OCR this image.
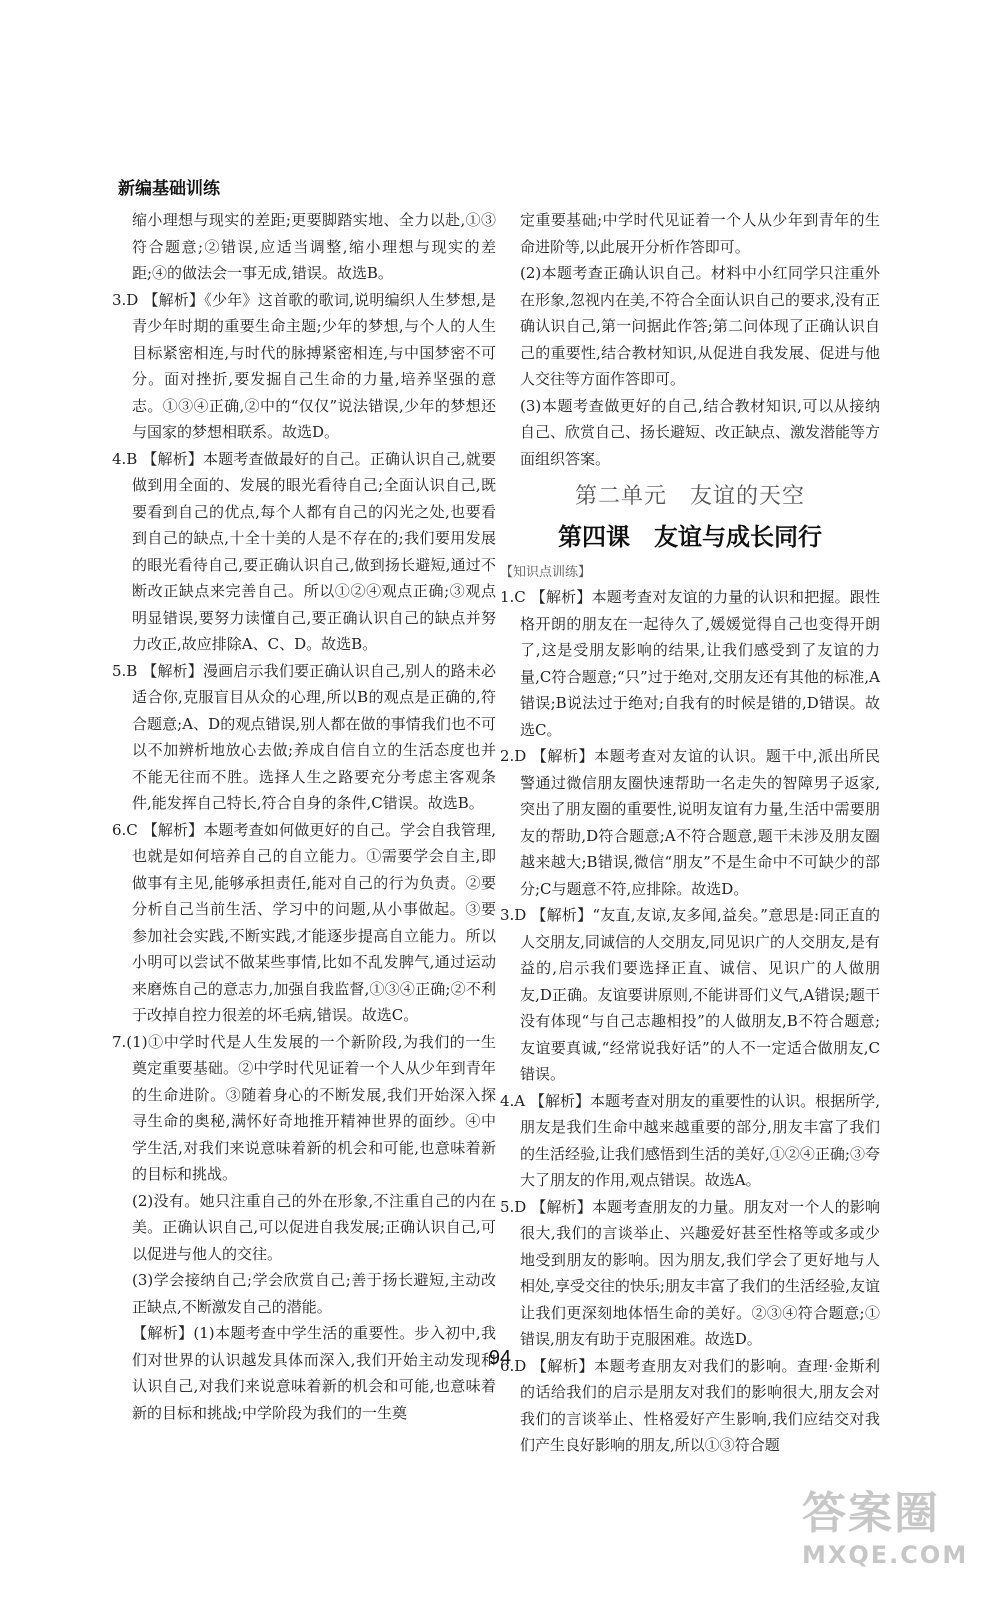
新编基础训练

缩小理想与现实的差距;更要脚踏实地、全力以赴,①③符合题意;②错误,应适当调整,缩小理想与现实的差距;④的做法会一事无成,错误。故选B。

3.D 【解析】《少年》这首歌的歌词,说明编织人生梦想,是青少年时期的重要生命主题;少年的梦想,与个人的人生目标紧密相连,与时代的脉搏紧密相连,与中国梦密不可分。面对挫折,要发掘自己生命的力量,培养坚强的意志。①③④正确,②中的“仅仅”说法错误,少年的梦想还与国家的梦想相联系。故选D。

4.B 【解析】本题考查做最好的自己。正确认识自己,就要做到用全面的、发展的眼光看待自己;全面认识自己,既要看到自己的优点,每个人都有自己的闪光之处,也要看到自己的缺点,十全十美的人是不存在的;我们要用发展的眼光看待自己,要正确认识自己,做到扬长避短,通过不断改正缺点来完善自己。所以①②④观点正确;③观点明显错误,要努力读懂自己,要正确认识自己的缺点并努力改正,故应排除A、C、D。故选B。

5.B 【解析】漫画启示我们要正确认识自己,别人的路未必适合你,克服盲目从众的心理,所以B的观点是正确的,符合题意;A、D的观点错误,别人都在做的事情我们也不可以不加辨析地放心去做;养成自信自立的生活态度也并不能无往而不胜。选择人生之路要充分考虑主客观条件,能发挥自己特长,符合自身的条件,C错误。故选B。

6.C 【解析】本题考查如何做更好的自己。学会自我管理,也就是如何培养自己的自立能力。①需要学会自主,即做事有主见,能够承担责任,能对自己的行为负责。②要分析自己当前生活、学习中的问题,从小事做起。③要参加社会实践,不断实践,才能逐步提高自立能力。所以小明可以尝试不做某些事情,比如不乱发脾气,通过运动来磨炼自己的意志力,加强自我监督,①③④正确;②不利于改掉自控力很差的坏毛病,错误。故选C。

7.(1)①中学时代是人生发展的一个新阶段,为我们的一生奠定重要基础。②中学时代见证着一个人从少年到青年的生命进阶。③随着身心的不断发展,我们开始深入探寻生命的奥秘,满怀好奇地推开精神世界的面纱。④中学生活,对我们来说意味着新的机会和可能,也意味着新的目标和挑战。

(2)没有。她只注重自己的外在形象,不注重自己的内在美。正确认识自己,可以促进自我发展;正确认识自己,可以促进与他人的交往。

(3)学会接纳自己;学会欣赏自己;善于扬长避短,主动改正缺点,不断激发自己的潜能。

【解析】(1)本题考查中学生活的重要性。步入初中,我们对世界的认识越发具体而深入,我们开始主动发现和认识自己,对我们来说意味着新的机会和可能,也意味着新的目标和挑战;中学阶段为我们的一生奠

定重要基础;中学时代见证着一个人从少年到青年的生命进阶等,以此展开分析作答即可。

(2)本题考查正确认识自己。材料中小红同学只注重外在形象,忽视内在美,不符合全面认识自己的要求,没有正确认识自己,第一问据此作答;第二问体现了正确认识自己的重要性,结合教材知识,从促进自我发展、促进与他人交往等方面作答即可。

(3)本题考查做更好的自己,结合教材知识,可以从接纳自己、欣赏自己、扬长避短、改正缺点、激发潜能等方面组织答案。

第二单元　友谊的天空
第四课　友谊与成长同行
【知识点训练】

1.C 【解析】本题考查对友谊的力量的认识和把握。跟性格开朗的朋友在一起待久了,媛媛觉得自己也变得开朗了,这是受朋友影响的结果,让我们感受到了友谊的力量,C符合题意;“只”过于绝对,交朋友还有其他的标准,A错误;B说法过于绝对;自我有的时候是错的,D错误。故选C。

2.D 【解析】本题考查对友谊的认识。题干中,派出所民警通过微信朋友圈快速帮助一名走失的智障男子返家,突出了朋友圈的重要性,说明友谊有力量,生活中需要朋友的帮助,D符合题意;A不符合题意,题干未涉及朋友圈越来越大;B错误,微信“朋友”不是生命中不可缺少的部分;C与题意不符,应排除。故选D。

3.D 【解析】“友直,友谅,友多闻,益矣。”意思是:同正直的人交朋友,同诚信的人交朋友,同见识广的人交朋友,是有益的,启示我们要选择正直、诚信、见识广的人做朋友,D正确。友谊要讲原则,不能讲哥们义气,A错误;题干没有体现“与自己志趣相投”的人做朋友,B不符合题意;友谊要真诚,“经常说我好话”的人不一定适合做朋友,C错误。

4.A 【解析】本题考查对朋友的重要性的认识。根据所学,朋友是我们生命中越来越重要的部分,朋友丰富了我们的生活经验,让我们感悟到生活的美好,①②④正确;③夸大了朋友的作用,观点错误。故选A。

5.D 【解析】本题考查朋友的力量。朋友对一个人的影响很大,我们的言谈举止、兴趣爱好甚至性格等或多或少地受到朋友的影响。因为朋友,我们学会了更好地与人相处,享受交往的快乐;朋友丰富了我们的生活经验,友谊让我们更深刻地体悟生命的美好。②③④符合题意;①错误,朋友有助于克服困难。故选D。

6.D 【解析】本题考查朋友对我们的影响。查理·金斯利的话给我们的启示是朋友对我们的影响很大,朋友会对我们的言谈举止、性格爱好产生影响,我们应结交对我们产生良好影响的朋友,所以①③符合题

94
答案圈
MXQE.COM
